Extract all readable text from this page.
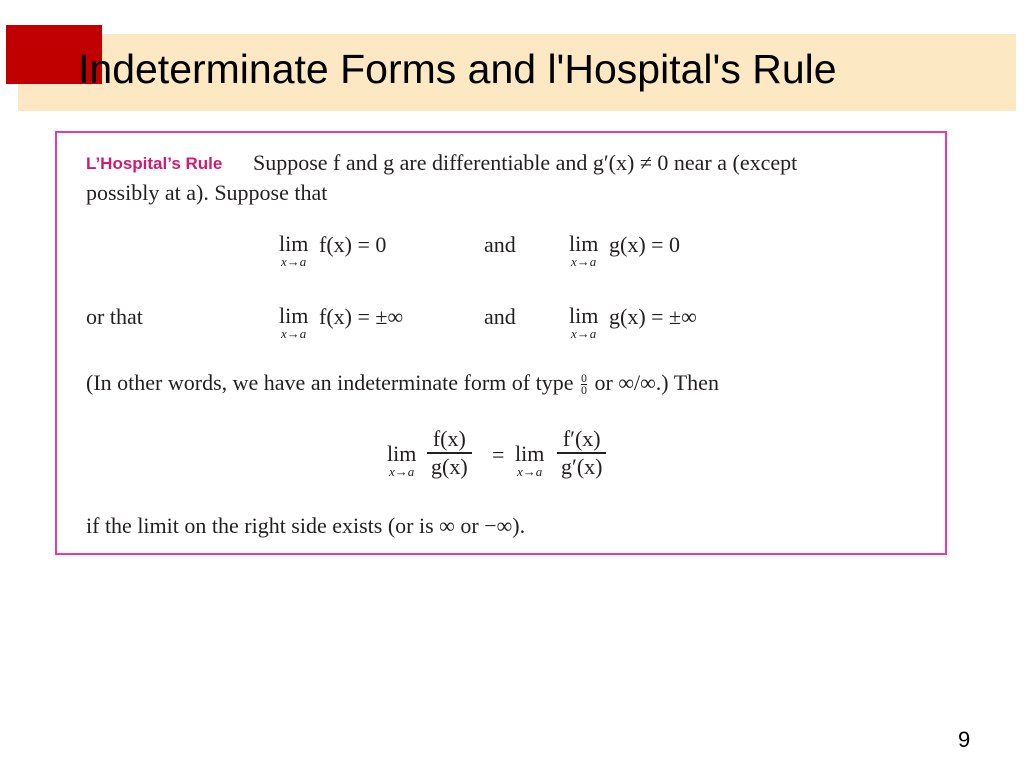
Indeterminate Forms and l'Hospital's Rule
L’Hospital’s Rule Suppose f and g are differentiable and g′(x) ≠ 0 near a (except
possibly at a). Suppose that
lim
x→a
f(x) = 0	and lim
x→a
g(x) = 0
or that	lim
x→a
f(x) = ±∞	and lim
x→a
g(x) = ±∞
(In other words, we have an indeterminate form of type $\frac{0}{0}$ or ∞/∞.) Then
lim
x→a
f(x)
g(x) = lim
x→a
f′(x)
g′(x)
if the limit on the right side exists (or is ∞ or −∞).
9
